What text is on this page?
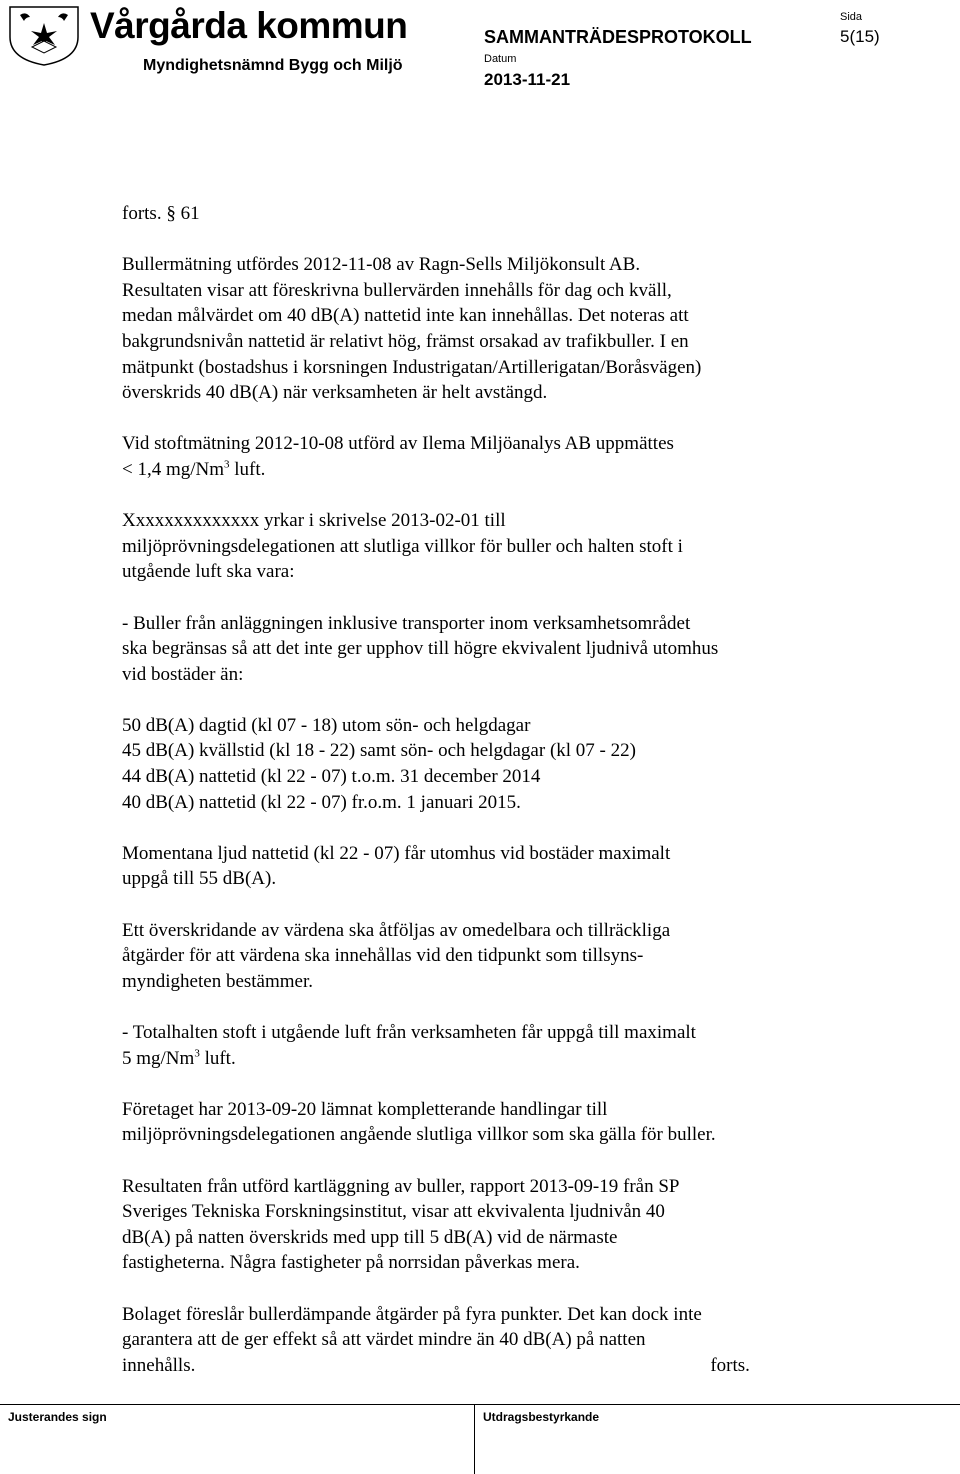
Vårgårda kommun
Myndighetsnämnd Bygg och Miljö
SAMMANTRÄDESPROTOKOLL
Datum
2013-11-21
Sida
5(15)

forts. § 61

Bullermätning utfördes 2012-11-08 av Ragn-Sells Miljökonsult AB.

Resultaten visar att föreskrivna bullervärden innehålls för dag och kväll,

medan målvärdet om 40 dB(A) nattetid inte kan innehållas. Det noteras att

bakgrundsnivån nattetid är relativt hög, främst orsakad av trafikbuller. I en

mätpunkt (bostadshus i korsningen Industrigatan/Artillerigatan/Boråsvägen)

överskrids 40 dB(A) när verksamheten är helt avstängd.

Vid stoftmätning 2012-10-08 utförd av Ilema Miljöanalys AB uppmättes

< 1,4 mg/Nm$^3$ luft.

Xxxxxxxxxxxxxx yrkar i skrivelse 2013-02-01 till

miljöprövningsdelegationen att slutliga villkor för buller och halten stoft i

utgående luft ska vara:

- Buller från anläggningen inklusive transporter inom verksamhetsområdet

ska begränsas så att det inte ger upphov till högre ekvivalent ljudnivå utomhus

vid bostäder än:

50 dB(A) dagtid (kl 07 - 18) utom sön- och helgdagar

45 dB(A) kvällstid (kl 18 - 22) samt sön- och helgdagar (kl 07 - 22)

44 dB(A) nattetid (kl 22 - 07) t.o.m. 31 december 2014

40 dB(A) nattetid (kl 22 - 07) fr.o.m. 1 januari 2015.

Momentana ljud nattetid (kl 22 - 07) får utomhus vid bostäder maximalt

uppgå till 55 dB(A).

Ett överskridande av värdena ska åtföljas av omedelbara och tillräckliga

åtgärder för att värdena ska innehållas vid den tidpunkt som tillsyns-

myndigheten bestämmer.

- Totalhalten stoft i utgående luft från verksamheten får uppgå till maximalt

5 mg/Nm$^3$ luft.

Företaget har 2013-09-20 lämnat kompletterande handlingar till

miljöprövningsdelegationen angående slutliga villkor som ska gälla för buller.

Resultaten från utförd kartläggning av buller, rapport 2013-09-19 från SP

Sveriges Tekniska Forskningsinstitut, visar att ekvivalenta ljudnivån 40

dB(A) på natten överskrids med upp till 5 dB(A) vid de närmaste

fastigheterna. Några fastigheter på norrsidan påverkas mera.

Bolaget föreslår bullerdämpande åtgärder på fyra punkter. Det kan dock inte

garantera att de ger effekt så att värdet mindre än 40 dB(A) på natten

innehålls.	forts.

Justerandes sign	Utdragsbestyrkande
